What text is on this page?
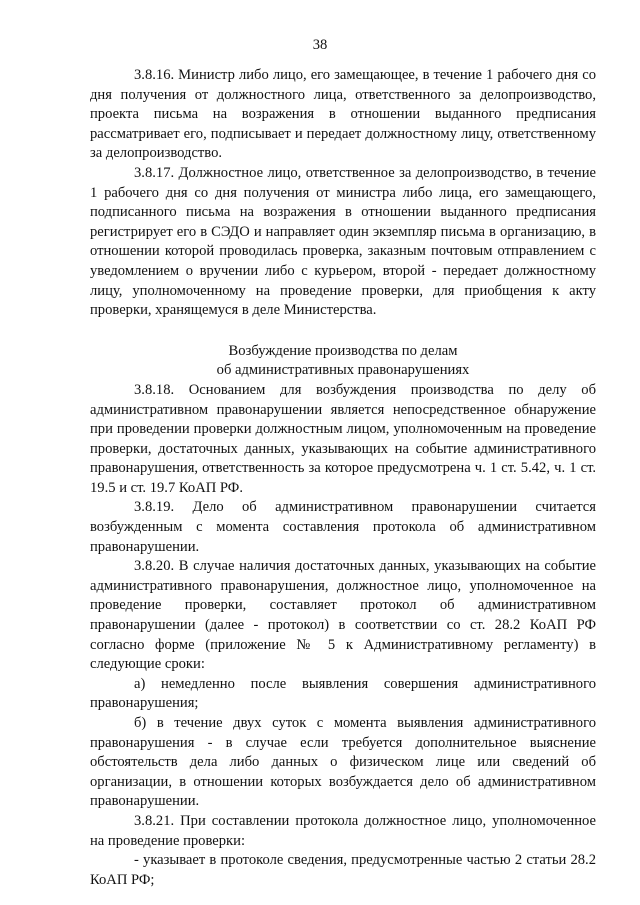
38

3.8.16. Министр либо лицо, его замещающее, в течение 1 рабочего дня со дня получения от должностного лица, ответственного за делопроизводство, проекта письма на возражения в отношении выданного предписания рассматривает его, подписывает и передает должностному лицу, ответственному за делопроизводство.

3.8.17. Должностное лицо, ответственное за делопроизводство, в течение 1 рабочего дня со дня получения от министра либо лица, его замещающего, подписанного письма на возражения в отношении выданного предписания регистрирует его в СЭДО и направляет один экземпляр письма в организацию, в отношении которой проводилась проверка, заказным почтовым отправлением с уведомлением о вручении либо с курьером, второй - передает должностному лицу, уполномоченному на проведение проверки, для приобщения к акту проверки, хранящемуся в деле Министерства.

Возбуждение производства по делам
об административных правонарушениях

3.8.18. Основанием для возбуждения производства по делу об административном правонарушении является непосредственное обнаружение при проведении проверки должностным лицом, уполномоченным на проведение проверки, достаточных данных, указывающих на событие административного правонарушения, ответственность за которое предусмотрена ч. 1 ст. 5.42, ч. 1 ст. 19.5 и ст. 19.7 КоАП РФ.

3.8.19. Дело об административном правонарушении считается возбужденным с момента составления протокола об административном правонарушении.

3.8.20. В случае наличия достаточных данных, указывающих на событие административного правонарушения, должностное лицо, уполномоченное на проведение проверки, составляет протокол об административном правонарушении (далее - протокол) в соответствии со ст. 28.2 КоАП РФ согласно форме (приложение № 5 к Административному регламенту) в следующие сроки:

а) немедленно после выявления совершения административного правонарушения;

б) в течение двух суток с момента выявления административного правонарушения - в случае если требуется дополнительное выяснение обстоятельств дела либо данных о физическом лице или сведений об организации, в отношении которых возбуждается дело об административном правонарушении.

3.8.21. При составлении протокола должностное лицо, уполномоченное на проведение проверки:

- указывает в протоколе сведения, предусмотренные частью 2 статьи 28.2 КоАП РФ;
